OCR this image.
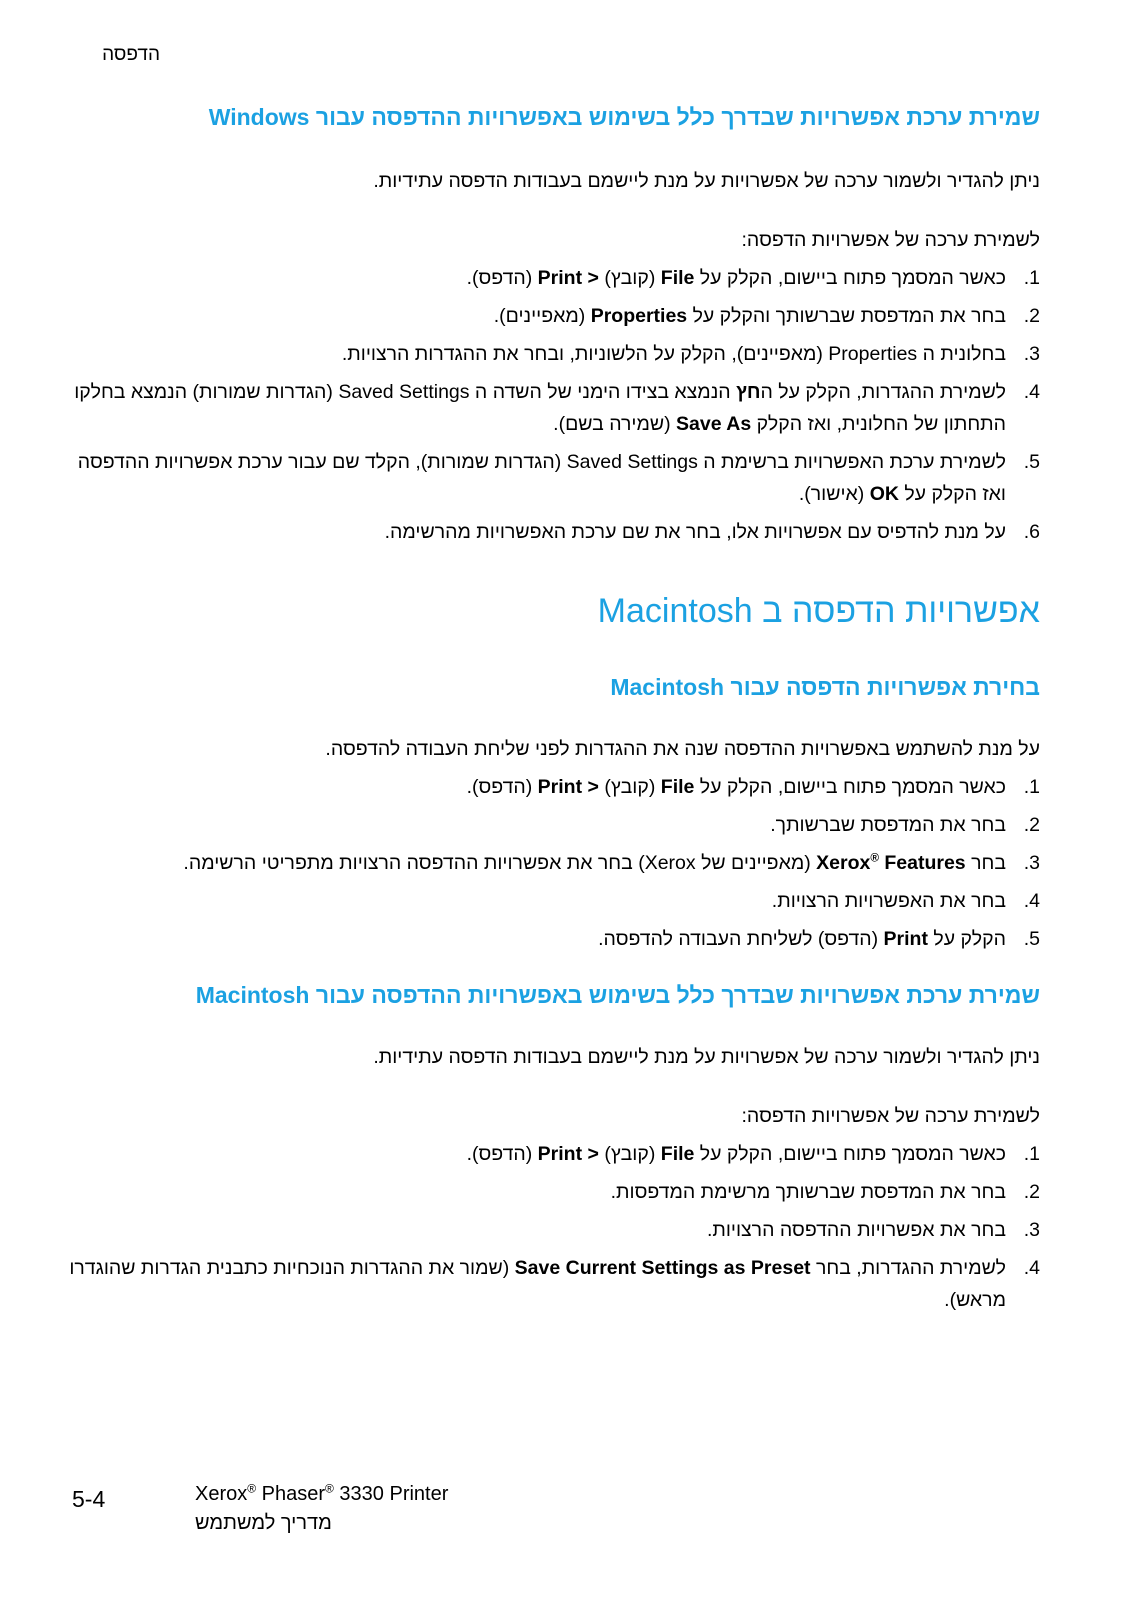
הדפסה
שמירת ערכת אפשרויות שבדרך כלל בשימוש באפשרויות ההדפסה עבור Windows

ניתן להגדיר ולשמור ערכה של אפשרויות על מנת ליישמם בעבודות הדפסה עתידיות.

לשמירת ערכה של אפשרויות הדפסה:

1.
כאשר המסמך פתוח ביישום, הקלק על File (קובץ) < Print (הדפס).
2.
בחר את המדפסת שברשותך והקלק על Properties (מאפיינים).
3.
בחלונית ה Properties (מאפיינים), הקלק על הלשוניות, ובחר את ההגדרות הרצויות.
4.
לשמירת ההגדרות, הקלק על החץ הנמצא בצידו הימני של השדה ה Saved Settings (הגדרות שמורות) הנמצא בחלקו התחתון של החלונית, ואז הקלק Save As (שמירה בשם).
5.
לשמירת ערכת האפשרויות ברשימת ה Saved Settings (הגדרות שמורות), הקלד שם עבור ערכת אפשרויות ההדפסה ואז הקלק על OK (אישור).
6.
על מנת להדפיס עם אפשרויות אלו, בחר את שם ערכת האפשרויות מהרשימה.
אפשרויות הדפסה ב Macintosh
בחירת אפשרויות הדפסה עבור Macintosh

על מנת להשתמש באפשרויות ההדפסה שנה את ההגדרות לפני שליחת העבודה להדפסה.

1.
כאשר המסמך פתוח ביישום, הקלק על File (קובץ) < Print (הדפס).
2.
בחר את המדפסת שברשותך.
3.
בחר Xerox® Features (מאפיינים של Xerox) בחר את אפשרויות ההדפסה הרצויות מתפריטי הרשימה.
4.
בחר את האפשרויות הרצויות.
5.
הקלק על Print (הדפס) לשליחת העבודה להדפסה.
שמירת ערכת אפשרויות שבדרך כלל בשימוש באפשרויות ההדפסה עבור Macintosh

ניתן להגדיר ולשמור ערכה של אפשרויות על מנת ליישמם בעבודות הדפסה עתידיות.

לשמירת ערכה של אפשרויות הדפסה:

1.
כאשר המסמך פתוח ביישום, הקלק על File (קובץ) < Print (הדפס).
2.
בחר את המדפסת שברשותך מרשימת המדפסות.
3.
בחר את אפשרויות ההדפסה הרצויות.
4.
לשמירת ההגדרות, בחר Save Current Settings as Preset (שמור את ההגדרות הנוכחיות כתבנית הגדרות שהוגדרו מראש).
5-4	Xerox® Phaser® 3330 Printer
מדריך למשתמש
